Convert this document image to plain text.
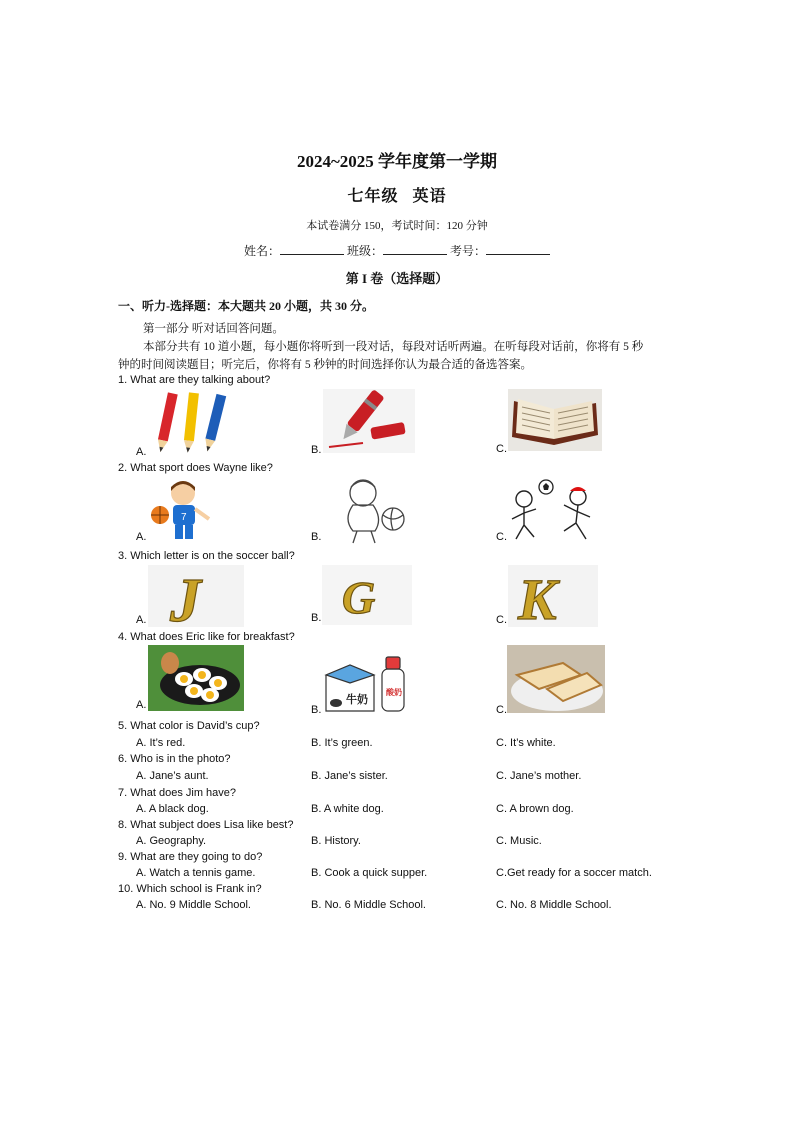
2024~2025 学年度第一学期
七年级 英语
本试卷满分 150，考试时间：120 分钟
姓名：	班级：	考号：
第 I 卷（选择题）
一、听力-选择题：本大题共 20 小题，共 30 分。
第一部分 听对话回答问题。
本部分共有 10 道小题，每小题你将听到一段对话，每段对话听两遍。在听每段对话前，你将有 5 秒
钟的时间阅读题目；听完后，你将有 5 秒钟的时间选择你认为最合适的备选答案。
1. What are they talking about?
A.	B.	C.
2. What sport does Wayne like?
A.
7
B.	C.
3. Which letter is on the soccer ball?
A. J	B. G	C. K
4. What does Eric like for breakfast?
A.	B.
牛奶
酸奶
C.
5. What color is David’s cup?
A. It’s red.	B. It’s green.	C. It’s white.
6. Who is in the photo?
A. Jane’s aunt.	B. Jane’s sister.	C. Jane’s mother.
7. What does Jim have?
A. A black dog.	B. A white dog.	C. A brown dog.
8. What subject does Lisa like best?
A. Geography.	B. History.	C. Music.
9. What are they going to do?
A. Watch a tennis game.	B. Cook a quick supper.	C.Get ready for a soccer match.
10. Which school is Frank in?
A. No. 9 Middle School.	B. No. 6 Middle School.	C. No. 8 Middle School.
